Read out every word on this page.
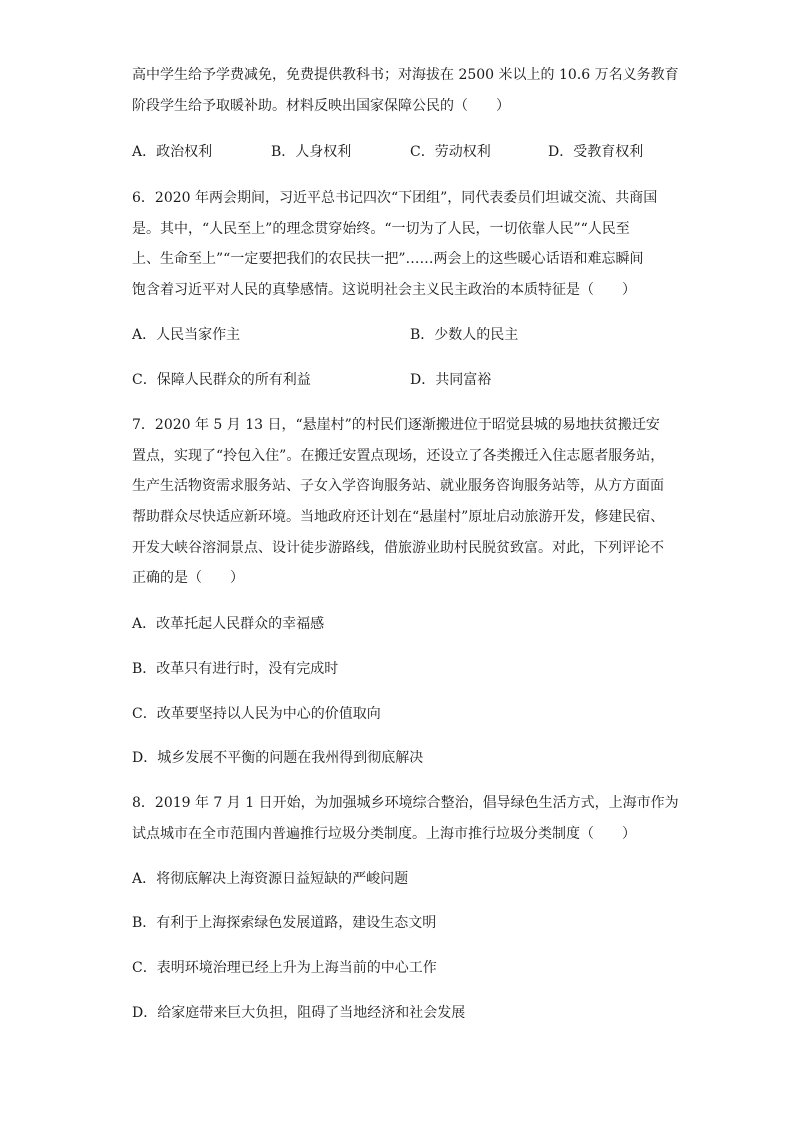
高中学生给予学费减免，免费提供教科书；对海拔在 2500 米以上的 10.6 万名义务教育
阶段学生给予取暖补助。材料反映出国家保障公民的（　　）
A．政治权利	B．人身权利	C．劳动权利	D．受教育权利
6．2020 年两会期间，习近平总书记四次“下团组”，同代表委员们坦诚交流、共商国
是。其中，“人民至上”的理念贯穿始终。“一切为了人民，一切依靠人民”“人民至
上、生命至上”“一定要把我们的农民扶一把”……两会上的这些暖心话语和难忘瞬间
饱含着习近平对人民的真挚感情。这说明社会主义民主政治的本质特征是（　　）
A．人民当家作主	B．少数人的民主
C．保障人民群众的所有利益	D．共同富裕
7．2020 年 5 月 13 日，“悬崖村”的村民们逐渐搬进位于昭觉县城的易地扶贫搬迁安
置点，实现了“拎包入住”。在搬迁安置点现场，还设立了各类搬迁入住志愿者服务站，
生产生活物资需求服务站、子女入学咨询服务站、就业服务咨询服务站等，从方方面面
帮助群众尽快适应新环境。当地政府还计划在“悬崖村”原址启动旅游开发，修建民宿、
开发大峡谷溶洞景点、设计徒步游路线，借旅游业助村民脱贫致富。对此，下列评论不
正确的是（　　）
A．改革托起人民群众的幸福感
B．改革只有进行时，没有完成时
C．改革要坚持以人民为中心的价值取向
D．城乡发展不平衡的问题在我州得到彻底解决
8．2019 年 7 月 1 日开始，为加强城乡环境综合整治，倡导绿色生活方式，上海市作为
试点城市在全市范围内普遍推行垃圾分类制度。上海市推行垃圾分类制度（　　）
A．将彻底解决上海资源日益短缺的严峻问题
B．有利于上海探索绿色发展道路，建设生态文明
C．表明环境治理已经上升为上海当前的中心工作
D．给家庭带来巨大负担，阻碍了当地经济和社会发展
